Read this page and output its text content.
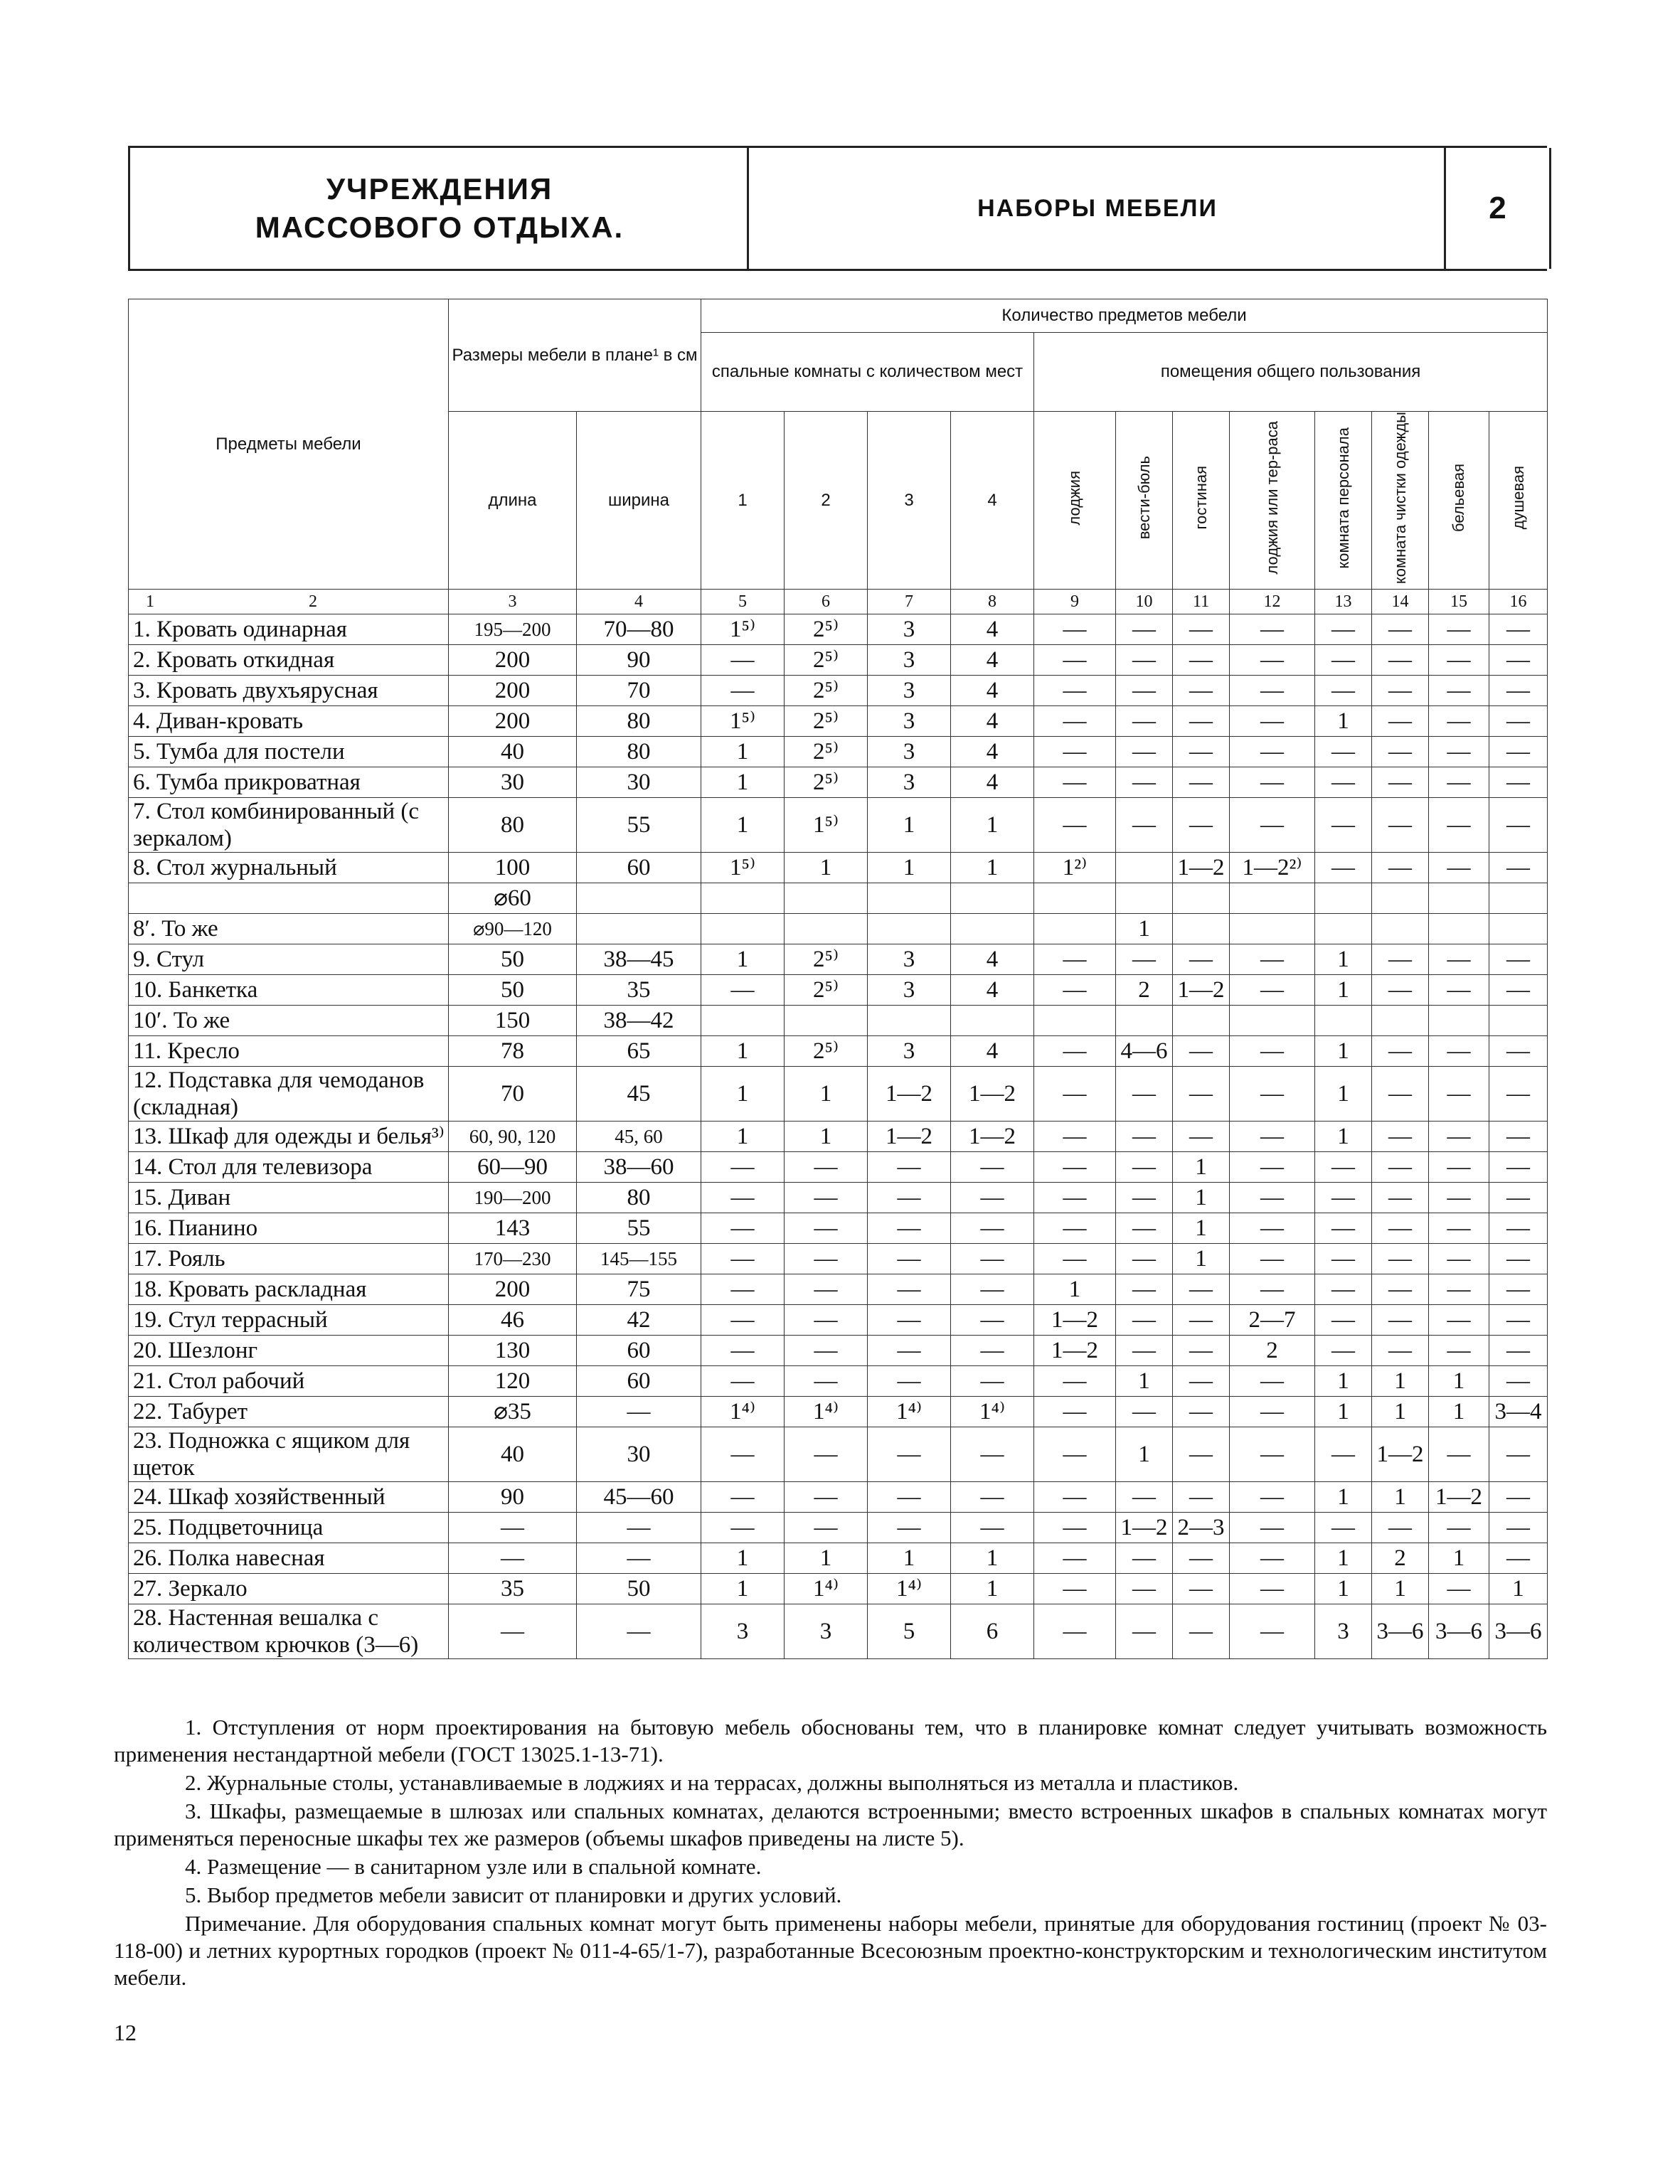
УЧРЕЖДЕНИЯ
МАССОВОГО ОТДЫХА.
НАБОРЫ МЕБЕЛИ	2
Предметы мебели	Размеры мебели в плане¹ в см		Количество предметов мебели											
			спальные комнаты с количеством мест				помещения общего пользования							
	длина	ширина	1	2	3	4	лоджия	вести-бюль	гостиная	лоджия или тер-раса	комната персонала	комната чистки одежды	бельевая	душевая

1 2	3	4	5	6	7	8	9	10	11	12	13	14	15	16
1. Кровать одинарная	195—200	70—80	1⁵⁾	2⁵⁾	3	4	—	—	—	—	—	—	—	—
2. Кровать откидная	200	90	—	2⁵⁾	3	4	—	—	—	—	—	—	—	—
3. Кровать двухъярусная	200	70	—	2⁵⁾	3	4	—	—	—	—	—	—	—	—
4. Диван-кровать	200	80	1⁵⁾	2⁵⁾	3	4	—	—	—	—	1	—	—	—
5. Тумба для постели	40	80	1	2⁵⁾	3	4	—	—	—	—	—	—	—	—
6. Тумба прикроватная	30	30	1	2⁵⁾	3	4	—	—	—	—	—	—	—	—
7. Стол комбинированный (с зеркалом)	80	55	1	1⁵⁾	1	1	—	—	—	—	—	—	—	—
8. Стол журнальный	100	60	1⁵⁾	1	1	1	1²⁾		1—2	1—2²⁾	—	—	—	—
	⌀60													
8′. То же	⌀90—120							1						
9. Стул	50	38—45	1	2⁵⁾	3	4	—	—	—	—	1	—	—	—
10. Банкетка	50	35	—	2⁵⁾	3	4	—	2	1—2	—	1	—	—	—
10′. То же	150	38—42												
11. Кресло	78	65	1	2⁵⁾	3	4	—	4—6	—	—	1	—	—	—
12. Подставка для чемоданов (складная)	70	45	1	1	1—2	1—2	—	—	—	—	1	—	—	—
13. Шкаф для одежды и белья³⁾	60, 90, 120	45, 60	1	1	1—2	1—2	—	—	—	—	1	—	—	—
14. Стол для телевизора	60—90	38—60	—	—	—	—	—	—	1	—	—	—	—	—
15. Диван	190—200	80	—	—	—	—	—	—	1	—	—	—	—	—
16. Пианино	143	55	—	—	—	—	—	—	1	—	—	—	—	—
17. Рояль	170—230	145—155	—	—	—	—	—	—	1	—	—	—	—	—
18. Кровать раскладная	200	75	—	—	—	—	1	—	—	—	—	—	—	—
19. Стул террасный	46	42	—	—	—	—	1—2	—	—	2—7	—	—	—	—
20. Шезлонг	130	60	—	—	—	—	1—2	—	—	2	—	—	—	—
21. Стол рабочий	120	60	—	—	—	—	—	1	—	—	1	1	1	—
22. Табурет	⌀35	—	1⁴⁾	1⁴⁾	1⁴⁾	1⁴⁾	—	—	—	—	1	1	1	3—4
23. Подножка с ящиком для щеток	40	30	—	—	—	—	—	1	—	—	—	1—2	—	—
24. Шкаф хозяйственный	90	45—60	—	—	—	—	—	—	—	—	1	1	1—2	—
25. Подцветочница	—	—	—	—	—	—	—	1—2	2—3	—	—	—	—	—
26. Полка навесная	—	—	1	1	1	1	—	—	—	—	1	2	1	—
27. Зеркало	35	50	1	1⁴⁾	1⁴⁾	1	—	—	—	—	1	1	—	1
28. Настенная вешалка с количеством крючков (3—6)	—	—	3	3	5	6	—	—	—	—	3	3—6	3—6	3—6

1. Отступления от норм проектирования на бытовую мебель обоснованы тем, что в планировке комнат следует учитывать возможность применения нестандартной мебели (ГОСТ 13025.1-13-71).

2. Журнальные столы, устанавливаемые в лоджиях и на террасах, должны выполняться из металла и пластиков.

3. Шкафы, размещаемые в шлюзах или спальных комнатах, делаются встроенными; вместо встроенных шкафов в спальных комнатах могут применяться переносные шкафы тех же размеров (объемы шкафов приведены на листе 5).

4. Размещение — в санитарном узле или в спальной комнате.

5. Выбор предметов мебели зависит от планировки и других условий.

Примечание. Для оборудования спальных комнат могут быть применены наборы мебели, принятые для оборудования гостиниц (проект № 03-118-00) и летних курортных городков (проект № 011-4-65/1-7), разработанные Всесоюзным проектно-конструкторским и технологическим институтом мебели.

12
